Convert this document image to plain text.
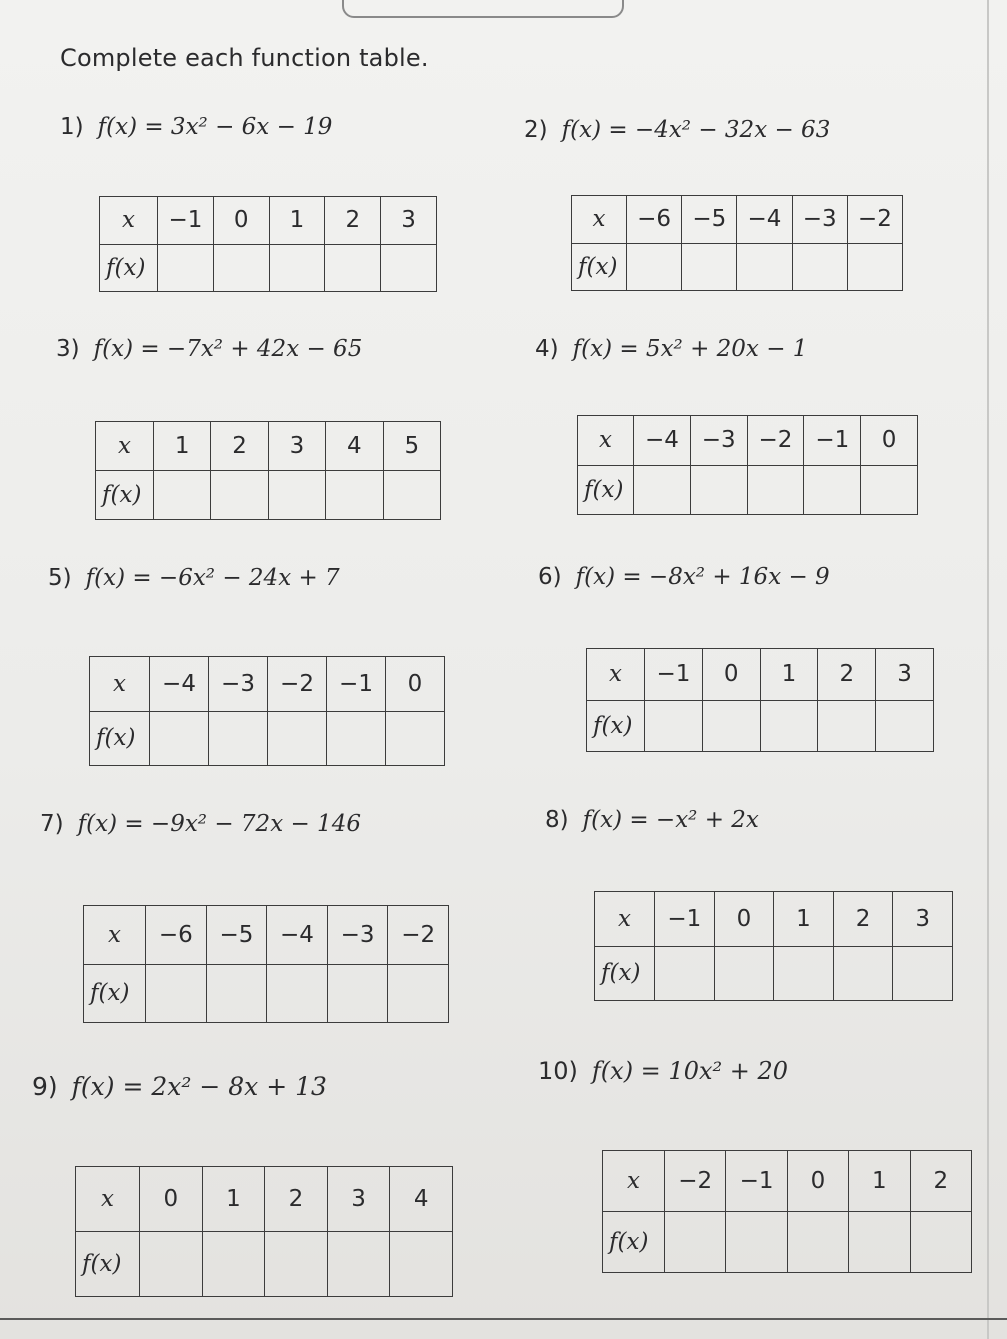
Complete each function table.
1) f(x) = 3x² − 6x − 19
x	−1	0	1	2	3
f(x)					
2) f(x) = −4x² − 32x − 63
x	−6	−5	−4	−3	−2
f(x)					
3) f(x) = −7x² + 42x − 65
x	1	2	3	4	5
f(x)					
4) f(x) = 5x² + 20x − 1
x	−4	−3	−2	−1	0
f(x)					
5) f(x) = −6x² − 24x + 7
x	−4	−3	−2	−1	0
f(x)					
6) f(x) = −8x² + 16x − 9
x	−1	0	1	2	3
f(x)					
7) f(x) = −9x² − 72x − 146
x	−6	−5	−4	−3	−2
f(x)					
8) f(x) = −x² + 2x
x	−1	0	1	2	3
f(x)					
9) f(x) = 2x² − 8x + 13
x	0	1	2	3	4
f(x)					
10) f(x) = 10x² + 20
x	−2	−1	0	1	2
f(x)					
